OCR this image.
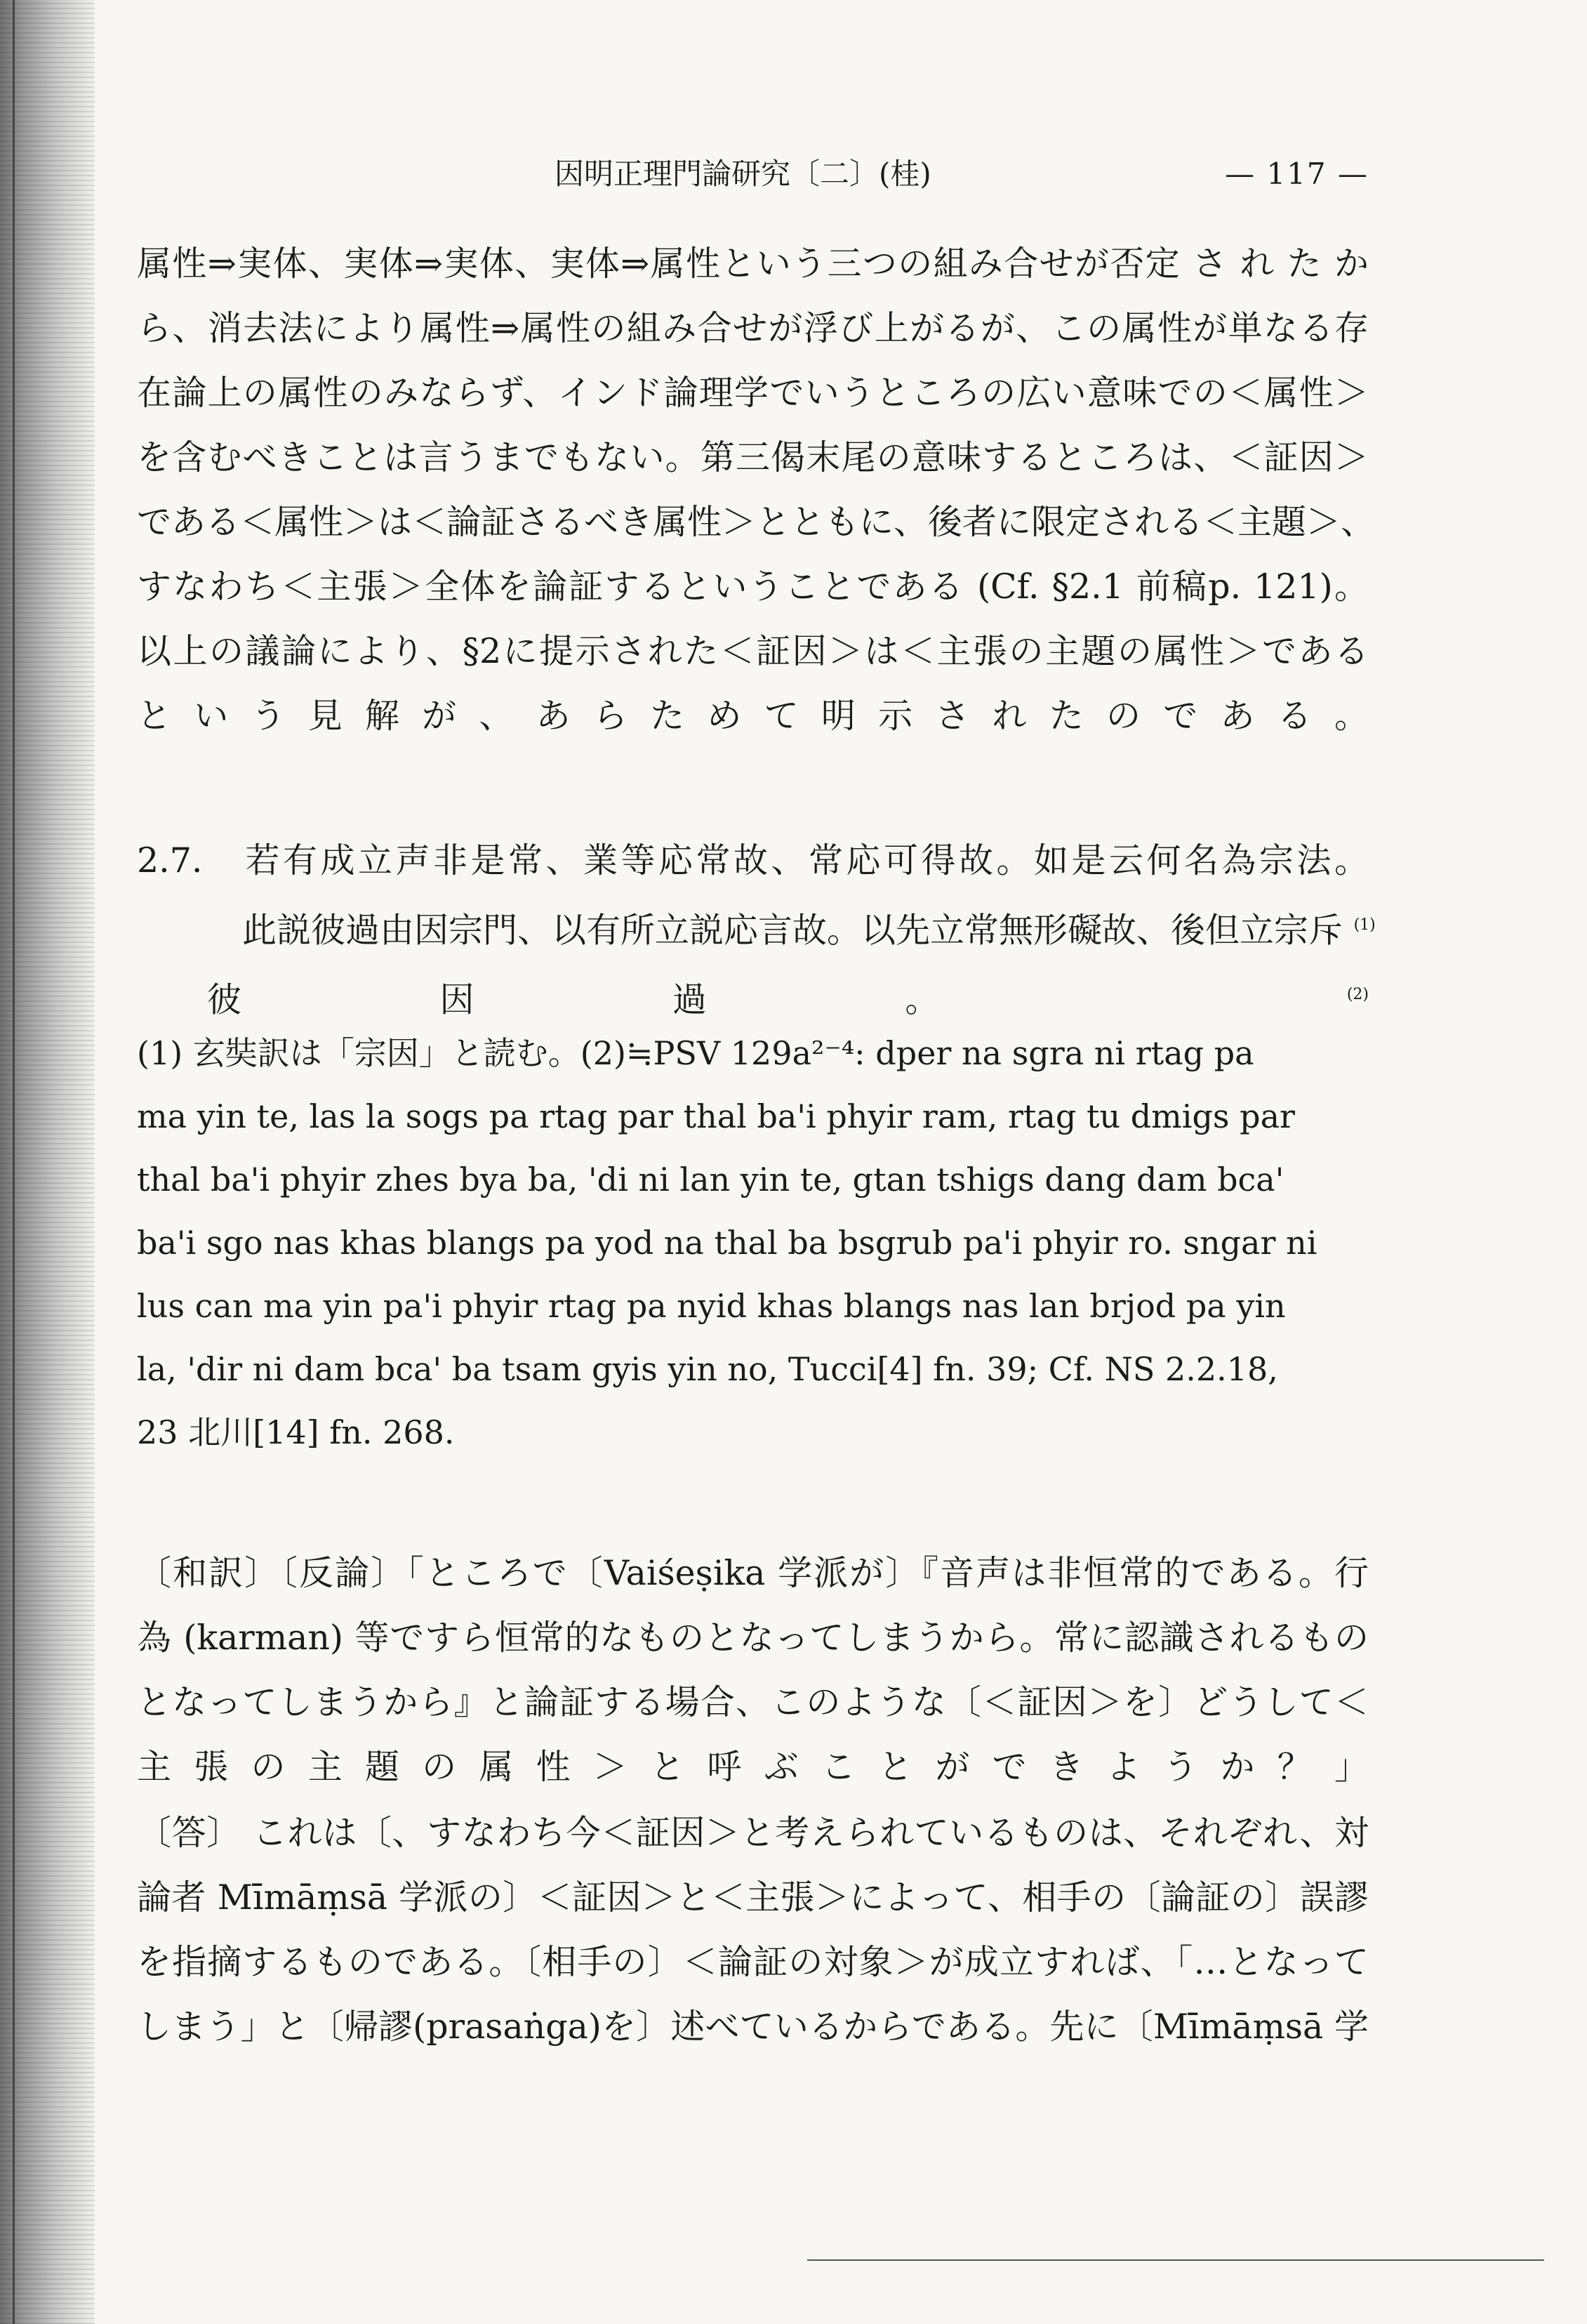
因明正理門論研究〔二〕(桂)	— 117 —
属性⇒実体、実体⇒実体、実体⇒属性という三つの組み合せが否定 さ れ た か
ら、消去法により属性⇒属性の組み合せが浮び上がるが、この属性が単なる存
在論上の属性のみならず、インド論理学でいうところの広い意味での＜属性＞
を含むべきことは言うまでもない。第三偈末尾の意味するところは、＜証因＞
である＜属性＞は＜論証さるべき属性＞とともに、後者に限定される＜主題＞、
すなわち＜主張＞全体を論証するということである (Cf. §2.1 前稿p. 121)。
以上の議論により、§2に提示された＜証因＞は＜主張の主題の属性＞である
という見解が、あらためて明示されたのである。
2.7. 若有成立声非是常、業等応常故、常応可得故。如是云何名為宗法。
此説彼過由因宗門、以有所立説応言故。以先立常無形礙故、後但立宗斥 $^{(1)}$
彼因過。	$^{(2)}$
(1) 玄奘訳は「宗因」と読む。(2)≒PSV 129a²⁻⁴: dper na sgra ni rtag pa
ma yin te, las la sogs pa rtag par thal ba'i phyir ram, rtag tu dmigs par
thal ba'i phyir zhes bya ba, 'di ni lan yin te, gtan tshigs dang dam bca'
ba'i sgo nas khas blangs pa yod na thal ba bsgrub pa'i phyir ro. sngar ni
lus can ma yin pa'i phyir rtag pa nyid khas blangs nas lan brjod pa yin
la, 'dir ni dam bca' ba tsam gyis yin no, Tucci[4] fn. 39; Cf. NS 2.2.18,
23 北川[14] fn. 268.
〔和訳〕〔反論〕「ところで〔Vaiśeṣika 学派が〕『音声は非恒常的である。行
為 (karman) 等ですら恒常的なものとなってしまうから。常に認識されるもの
となってしまうから』と論証する場合、このような〔＜証因＞を〕どうして＜
主張の主題の属性＞と呼ぶことができようか？」
〔答〕 これは〔、すなわち今＜証因＞と考えられているものは、それぞれ、対
論者 Mīmāṃsā 学派の〕＜証因＞と＜主張＞によって、相手の〔論証の〕誤謬
を指摘するものである。〔相手の〕＜論証の対象＞が成立すれば、「…となって
しまう」と〔帰謬(prasaṅga)を〕述べているからである。先に〔Mīmāṃsā 学
